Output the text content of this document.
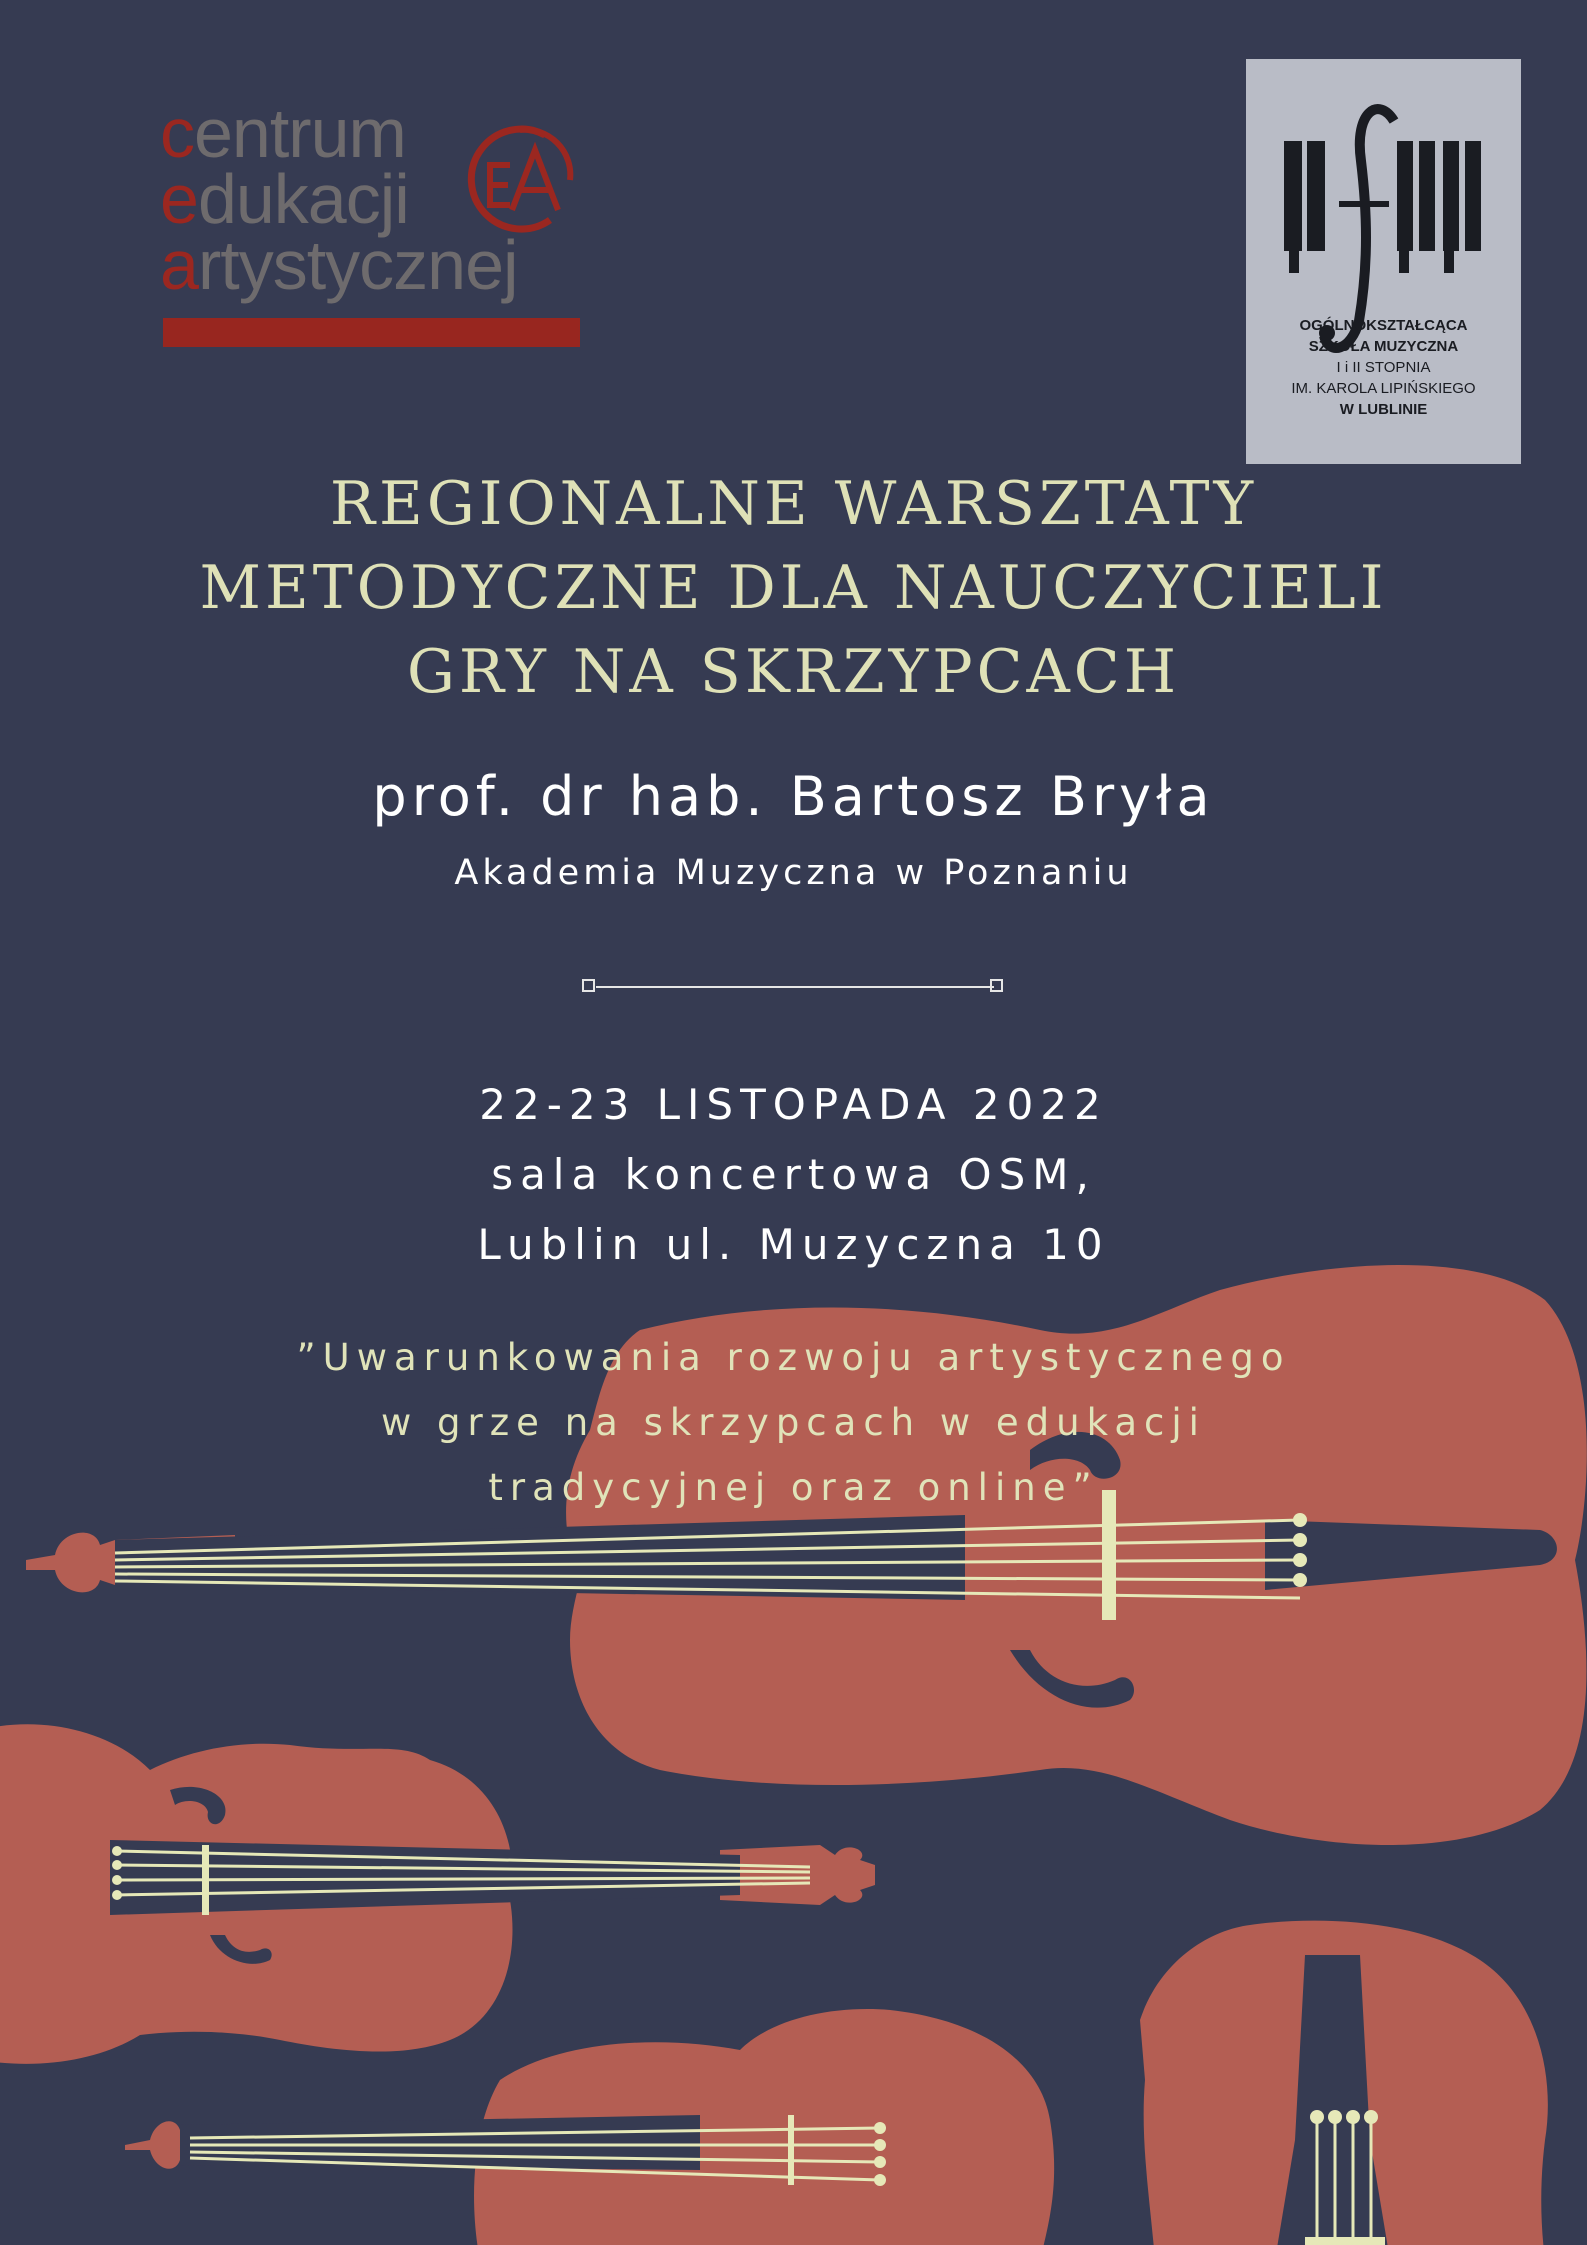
centrum
edukacji
artystycznej
OGÓLNOKSZTAŁCĄCA
SZKOŁA MUZYCZNA
I i II STOPNIA
IM. KAROLA LIPIŃSKIEGO
W LUBLINIE
REGIONALNE WARSZTATY
METODYCZNE DLA NAUCZYCIELI
GRY NA SKRZYPCACH
prof. dr hab. Bartosz Bryła
Akademia Muzyczna w Poznaniu
22-23 LISTOPADA 2022
sala koncertowa OSM,
Lublin ul. Muzyczna 10
”Uwarunkowania rozwoju artystycznego
w grze na skrzypcach w edukacji
tradycyjnej oraz online”
